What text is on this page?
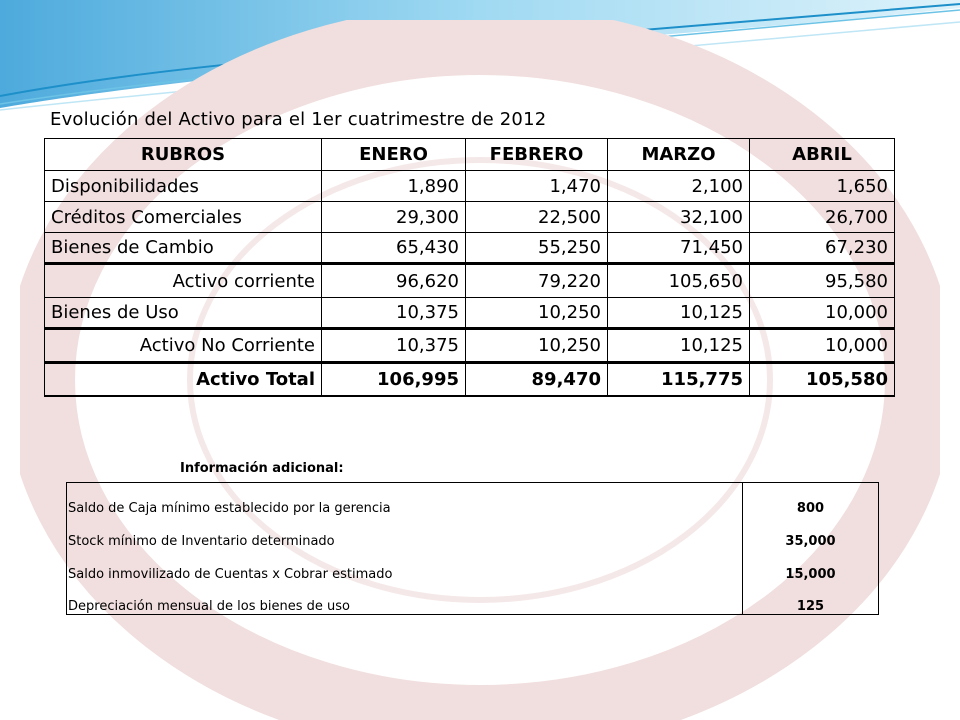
Evolución del Activo para el 1er cuatrimestre de 2012
RUBROS	ENERO	FEBRERO	MARZO	ABRIL
Disponibilidades	1,890	1,470	2,100	1,650
Créditos Comerciales	29,300	22,500	32,100	26,700
Bienes de Cambio	65,430	55,250	71,450	67,230
Activo corriente	96,620	79,220	105,650	95,580
Bienes de Uso	10,375	10,250	10,125	10,000
Activo No Corriente	10,375	10,250	10,125	10,000
Activo Total	106,995	89,470	115,775	105,580
Información adicional:
Saldo de Caja mínimo establecido por la gerencia	800
Stock mínimo de Inventario determinado	35,000
Saldo inmovilizado de Cuentas x Cobrar estimado	15,000
Depreciación mensual de los bienes de uso	125
